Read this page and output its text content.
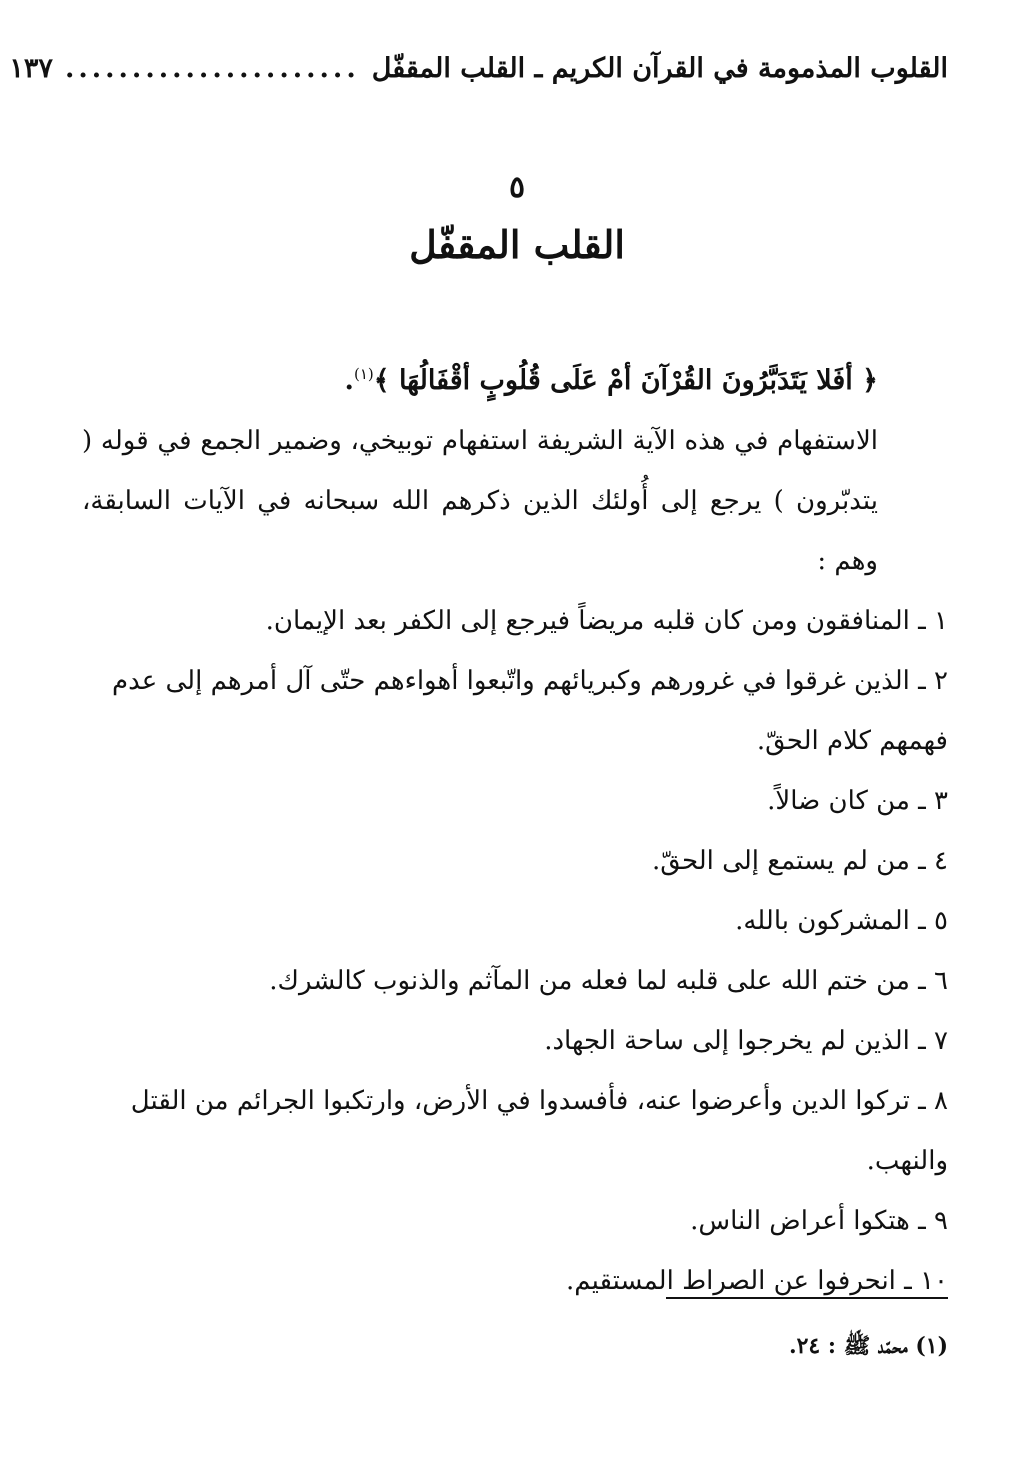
القلوب المذمومة في القرآن الكريم ـ القلب المقفّل
......................
١٣٧
٥
القلب المقفّل

﴿ أفَلا يَتَدَبَّرُونَ القُرْآنَ أمْ عَلَى قُلُوبٍ أقْفَالُهَا ﴾$^{(١)}$.

الاستفهام في هذه الآية الشريفة استفهام توبيخي، وضمير الجمع في قوله ( يتدبّرون ) يرجع إلى أُولئك الذين ذكرهم الله سبحانه في الآيات السابقة، وهم :

١ ـ المنافقون ومن كان قلبه مريضاً فيرجع إلى الكفر بعد الإيمان.
٢ ـ الذين غرقوا في غرورهم وكبريائهم واتّبعوا أهواءهم حتّى آل أمرهم إلى عدم فهمهم كلام الحقّ.
٣ ـ من كان ضالاً.
٤ ـ من لم يستمع إلى الحقّ.
٥ ـ المشركون بالله.
٦ ـ من ختم الله على قلبه لما فعله من المآثم والذنوب كالشرك.
٧ ـ الذين لم يخرجوا إلى ساحة الجهاد.
٨ ـ تركوا الدين وأعرضوا عنه، فأفسدوا في الأرض، وارتكبوا الجرائم من القتل والنهب.
٩ ـ هتكوا أعراض الناس.
١٠ ـ انحرفوا عن الصراط المستقيم.
(١) محمّد ﷺ : ٢٤.
